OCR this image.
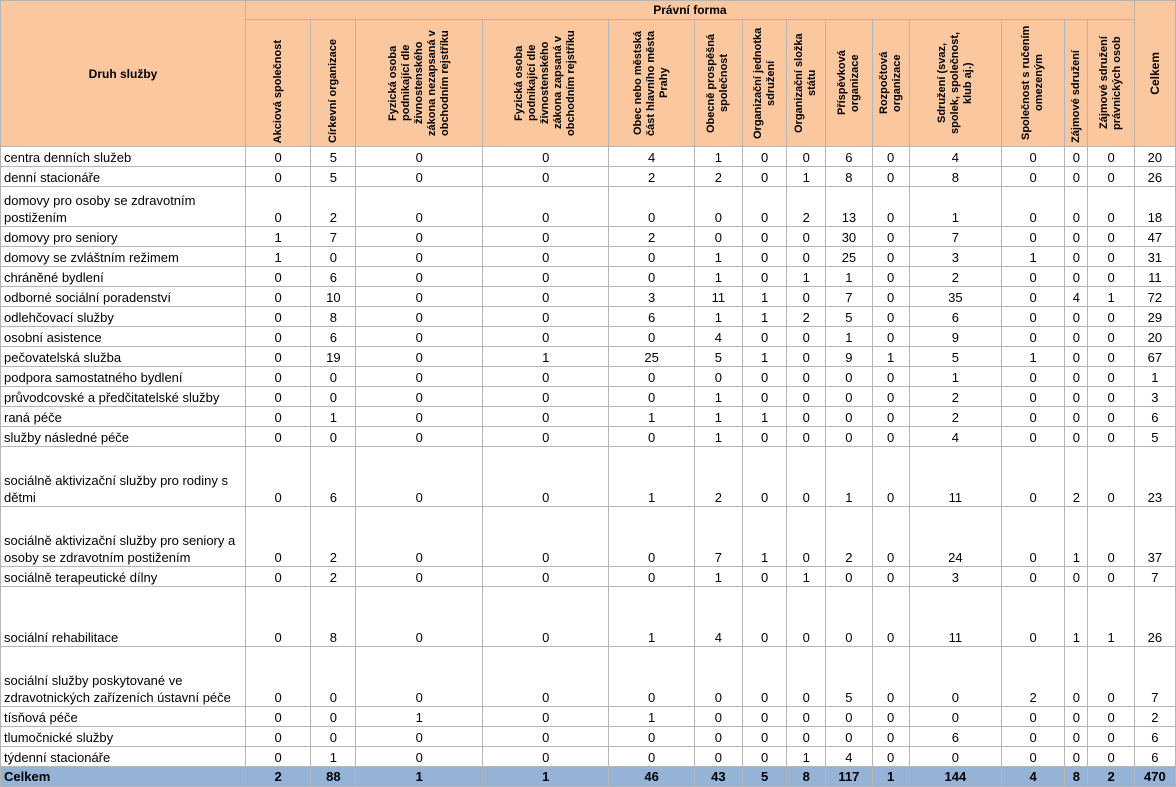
Druh služby	Právní forma														Celkem

	Akciová společnost	Církevní organizace	Fyzická osoba podnikající dle živnostenského zákona nezapsaná v obchodním rejstříku	Fyzická osoba podnikající dle živnostenského zákona zapsaná v obchodním rejstříku	Obec nebo městská část hlavního města Prahy	Obecně prospěšná společnost	Organizační jednotka sdružení	Organizační složka státu	Příspěvková organizace	Rozpočtová organizace	Sdružení (svaz, spolek, společnost, klub aj.)	Společnost s ručením omezeným	Zájmové sdružení	Zájmové sdružení právnických osob	

centra denních služeb	0	5	0	0	4	1	0	0	6	0	4	0	0	0	20
denní stacionáře	0	5	0	0	2	2	0	1	8	0	8	0	0	0	26
domovy pro osoby se zdravotním postižením	0	2	0	0	0	0	0	2	13	0	1	0	0	0	18
domovy pro seniory	1	7	0	0	2	0	0	0	30	0	7	0	0	0	47
domovy se zvláštním režimem	1	0	0	0	0	1	0	0	25	0	3	1	0	0	31
chráněné bydlení	0	6	0	0	0	1	0	1	1	0	2	0	0	0	11
odborné sociální poradenství	0	10	0	0	3	11	1	0	7	0	35	0	4	1	72
odlehčovací služby	0	8	0	0	6	1	1	2	5	0	6	0	0	0	29
osobní asistence	0	6	0	0	0	4	0	0	1	0	9	0	0	0	20
pečovatelská služba	0	19	0	1	25	5	1	0	9	1	5	1	0	0	67
podpora samostatného bydlení	0	0	0	0	0	0	0	0	0	0	1	0	0	0	1
průvodcovské a předčitatelské služby	0	0	0	0	0	1	0	0	0	0	2	0	0	0	3
raná péče	0	1	0	0	1	1	1	0	0	0	2	0	0	0	6
služby následné péče	0	0	0	0	0	1	0	0	0	0	4	0	0	0	5
sociálně aktivizační služby pro rodiny s dětmi	0	6	0	0	1	2	0	0	1	0	11	0	2	0	23
sociálně aktivizační služby pro seniory a osoby se zdravotním postižením	0	2	0	0	0	7	1	0	2	0	24	0	1	0	37
sociálně terapeutické dílny	0	2	0	0	0	1	0	1	0	0	3	0	0	0	7
sociální rehabilitace	0	8	0	0	1	4	0	0	0	0	11	0	1	1	26
sociální služby poskytované ve zdravotnických zařízeních ústavní péče	0	0	0	0	0	0	0	0	5	0	0	2	0	0	7
tísňová péče	0	0	1	0	1	0	0	0	0	0	0	0	0	0	2
tlumočnické služby	0	0	0	0	0	0	0	0	0	0	6	0	0	0	6
týdenní stacionáře	0	1	0	0	0	0	0	1	4	0	0	0	0	0	6
Celkem	2	88	1	1	46	43	5	8	117	1	144	4	8	2	470
